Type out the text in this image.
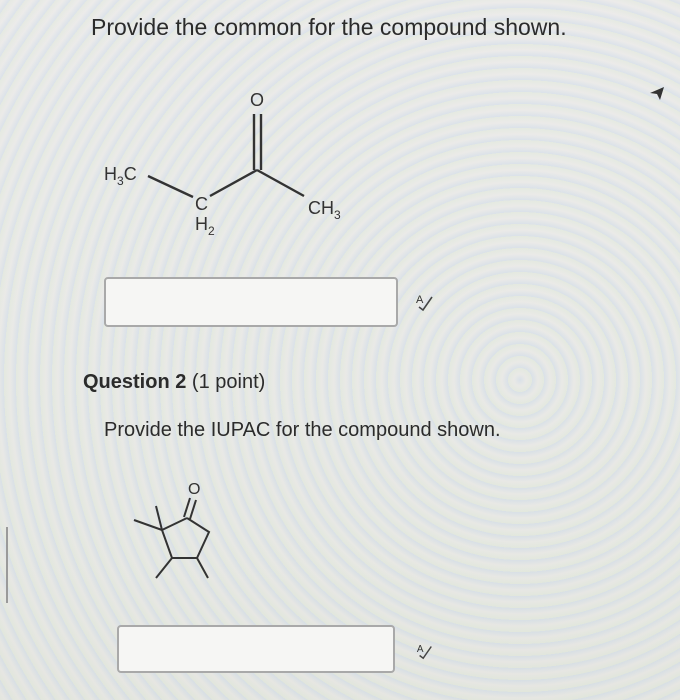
Provide the common for the compound shown.
O
$H_3C$
C
$H_2$
$CH_3$
A
Question 2 (1 point)
Provide the IUPAC for the compound shown.
O
A
